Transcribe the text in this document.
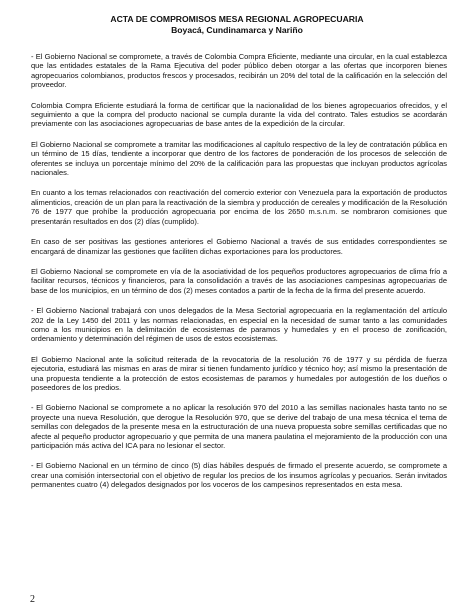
ACTA DE COMPROMISOS MESA REGIONAL AGROPECUARIA
Boyacá, Cundinamarca y Nariño

- El Gobierno Nacional se compromete, a través de Colombia Compra Eficiente, mediante una circular, en la cual establezca que las entidades estatales de la Rama Ejecutiva del poder público deben otorgar a las ofertas que incorporen bienes agropecuarios colombianos, productos frescos y procesados, recibirán un 20% del total de la calificación en la selección del proveedor.

Colombia Compra Eficiente estudiará la forma de certificar que la nacionalidad de los bienes agropecuarios ofrecidos, y el seguimiento a que la compra del producto nacional se cumpla durante la vida del contrato. Tales estudios se acordarán previamente con las asociaciones agropecuarias de base antes de la expedición de la circular.

El Gobierno Nacional se compromete a tramitar las modificaciones al capítulo respectivo de la ley de contratación pública en un término de 15 días, tendiente a incorporar que dentro de los factores de ponderación de los procesos de selección de oferentes se incluya un porcentaje mínimo del 20% de la calificación para las propuestas que incluyan productos agrícolas nacionales.

En cuanto a los temas relacionados con reactivación del comercio exterior con Venezuela para la exportación de productos alimenticios, creación de un plan para la reactivación de la siembra y producción de cereales y modificación de la Resolución 76 de 1977 que prohíbe la producción agropecuaria por encima de los 2650 m.s.n.m. se nombraron comisiones que presentarán resultados en dos (2) días (cumplido).

En caso de ser positivas las gestiones anteriores el Gobierno Nacional a través de sus entidades correspondientes se encargará de dinamizar las gestiones que faciliten dichas exportaciones para los productores.

El Gobierno Nacional se compromete en vía de la asociatividad de los pequeños productores agropecuarios de clima frío a facilitar recursos, técnicos y financieros, para la consolidación a través de las asociaciones campesinas agropecuarias de base de los municipios, en un término de dos (2) meses contados a partir de la fecha de la firma del presente acuerdo.

- El Gobierno Nacional trabajará con unos delegados de la Mesa Sectorial agropecuaria en la reglamentación del artículo 202 de la Ley 1450 del 2011 y las normas relacionadas, en especial en la necesidad de sumar tanto a las comunidades como a los municipios en la delimitación de ecosistemas de paramos y humedales y en el proceso de zonificación, ordenamiento y determinación del régimen de usos de estos ecosistemas.

El Gobierno Nacional ante la solicitud reiterada de la revocatoria de la resolución 76 de 1977 y su pérdida de fuerza ejecutoria, estudiará las mismas en aras de mirar si tienen fundamento jurídico y técnico hoy; así mismo la presentación de una propuesta tendiente a la protección de estos ecosistemas de paramos y humedales por autogestión de los dueños o poseedores de los predios.

- El Gobierno Nacional se compromete a no aplicar la resolución 970 del 2010 a las semillas nacionales hasta tanto no se proyecte una nueva Resolución, que derogue la Resolución 970, que se derive del trabajo de una mesa técnica el tema de semillas con delegados de la presente mesa en la estructuración de una nueva propuesta sobre semillas certificadas que no afecte al pequeño productor agropecuario y que permita de una manera paulatina el mejoramiento de la producción con una participación más activa del ICA para no lesionar el sector.

- El Gobierno Nacional en un término de cinco (5) días hábiles después de firmado el presente acuerdo, se compromete a crear una comisión intersectorial con el objetivo de regular los precios de los insumos agrícolas y pecuarios. Serán invitados permanentes cuatro (4) delegados designados por los voceros de los campesinos representados en esta mesa.

2
